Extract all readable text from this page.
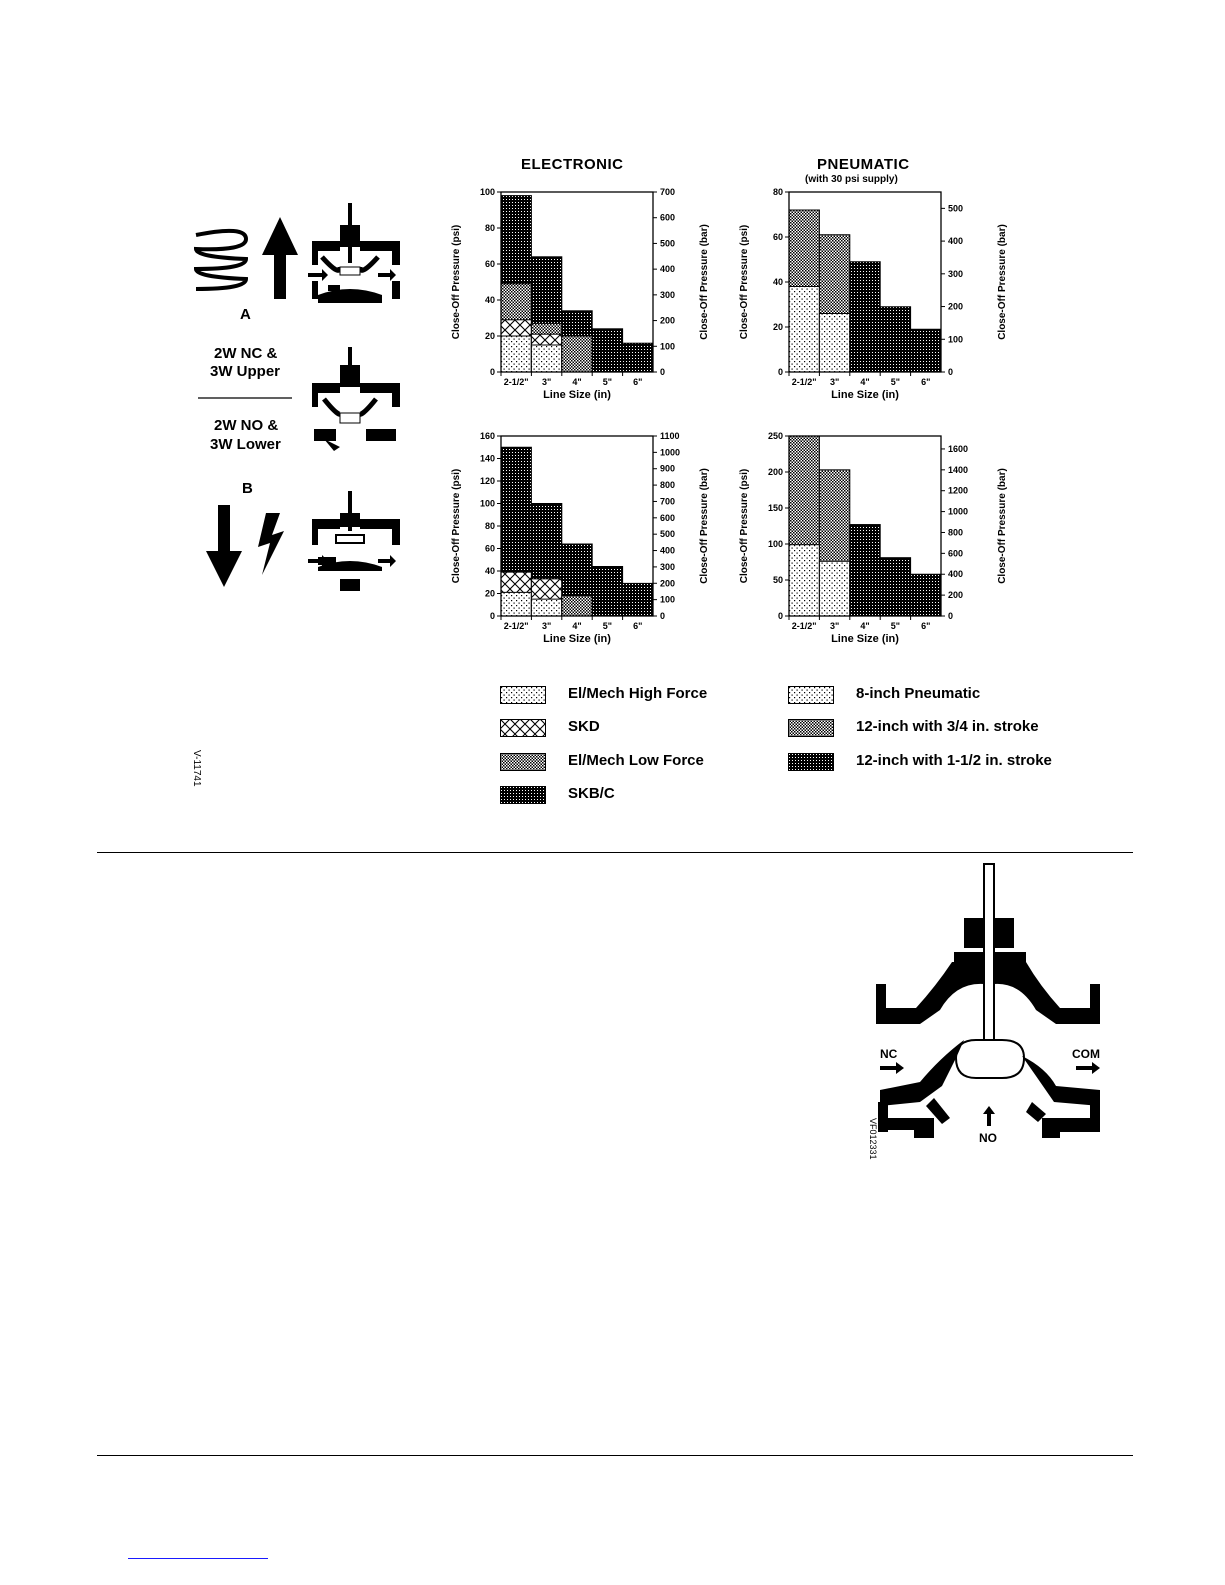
ELECTRONIC	PNEUMATIC
(with 30 psi supply)
A
2W NC &
3W Upper
2W NO &
3W Lower
B
V-11741
0
20
40
60
80
100
0
100
200
300
400
500
600
700
2-1/2" 3" 4" 5" 6"
Line Size (in)
Close-Off Pressure (psi)	Close-Off Pressure (bar)
0
20
40
60
80
0
100
200
300
400
500
2-1/2" 3" 4" 5" 6"
Line Size (in)
Close-Off Pressure (psi)	Close-Off Pressure (bar)
0
20
40
60
80
100
120
140
160
0
100
200
300
400
500
600
700
800
900
1000
1100
2-1/2" 3" 4" 5" 6"
Line Size (in)
Close-Off Pressure (psi)	Close-Off Pressure (bar)
0
50
100
150
200
250
0
200
400
600
800
1000
1200
1400
1600
2-1/2" 3" 4" 5" 6"
Line Size (in)
Close-Off Pressure (psi)	Close-Off Pressure (bar)
El/Mech High Force
SKD
El/Mech Low Force
SKB/C
8-inch Pneumatic
12-inch with 3/4 in. stroke
12-inch with 1-1/2 in. stroke
NC	COM
NO
VF012331
